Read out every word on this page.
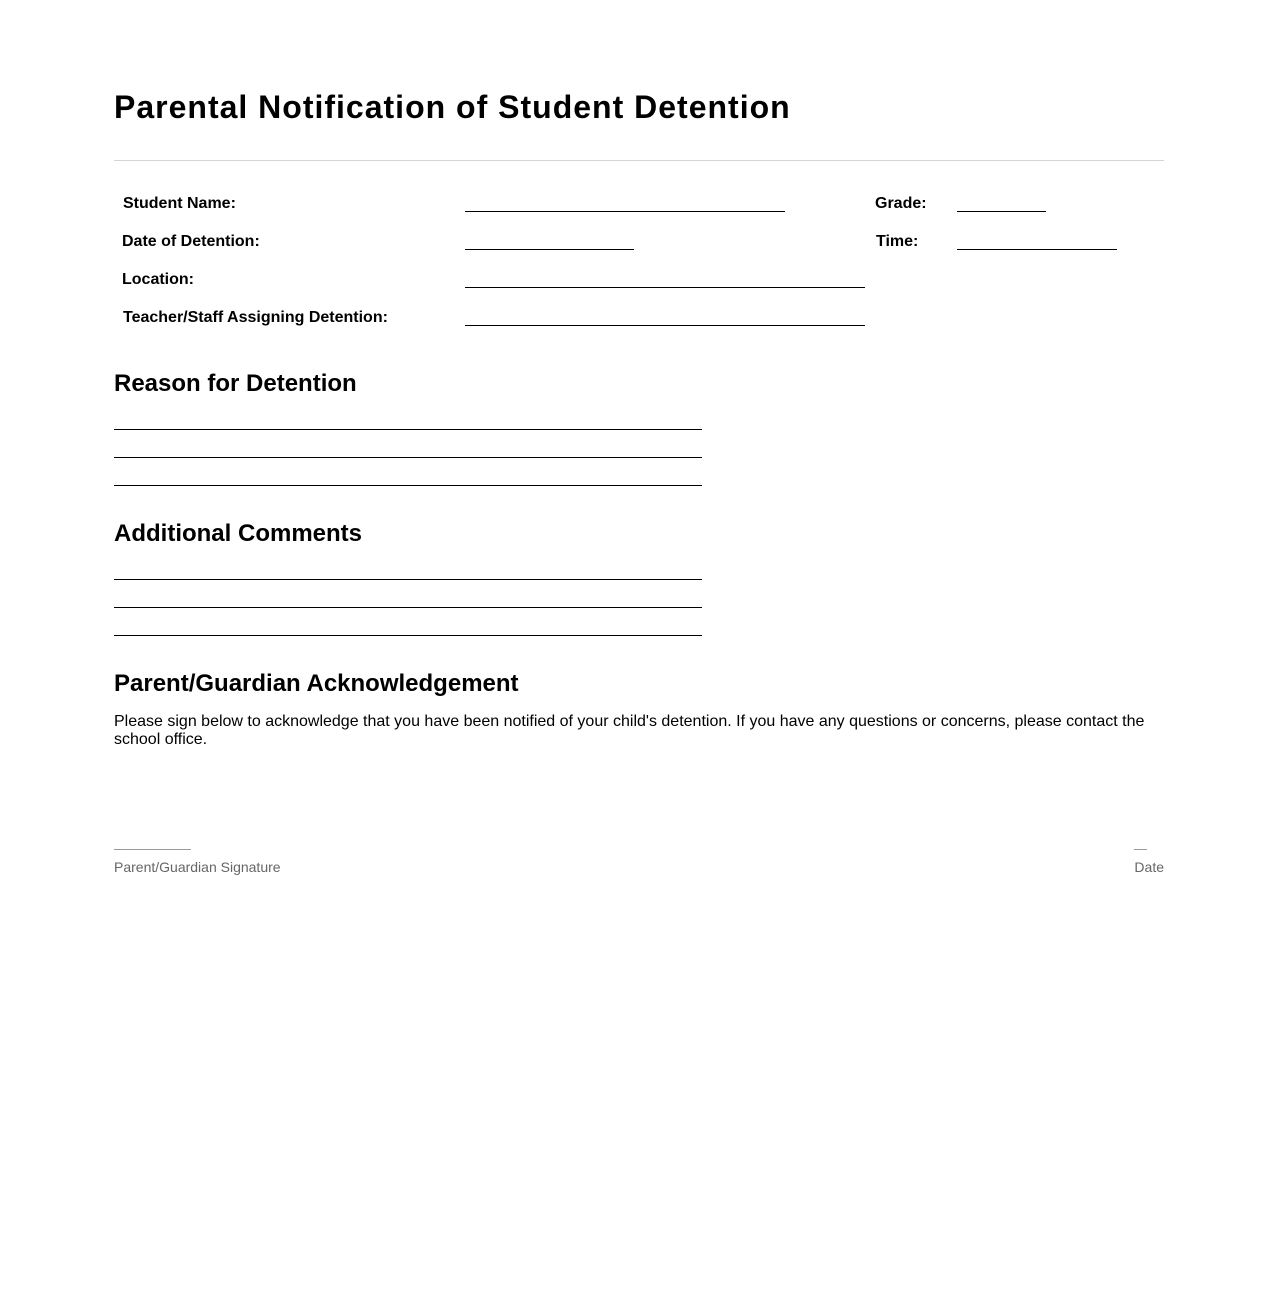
Parental Notification of Student Detention
Student Name:	Grade:
Date of Detention:	Time:
Location:
Teacher/Staff Assigning Detention:
Reason for Detention
Additional Comments
Parent/Guardian Acknowledgement

Please sign below to acknowledge that you have been notified of your child's detention. If you have any questions or concerns, please contact the school office.

Parent/Guardian Signature	Date
